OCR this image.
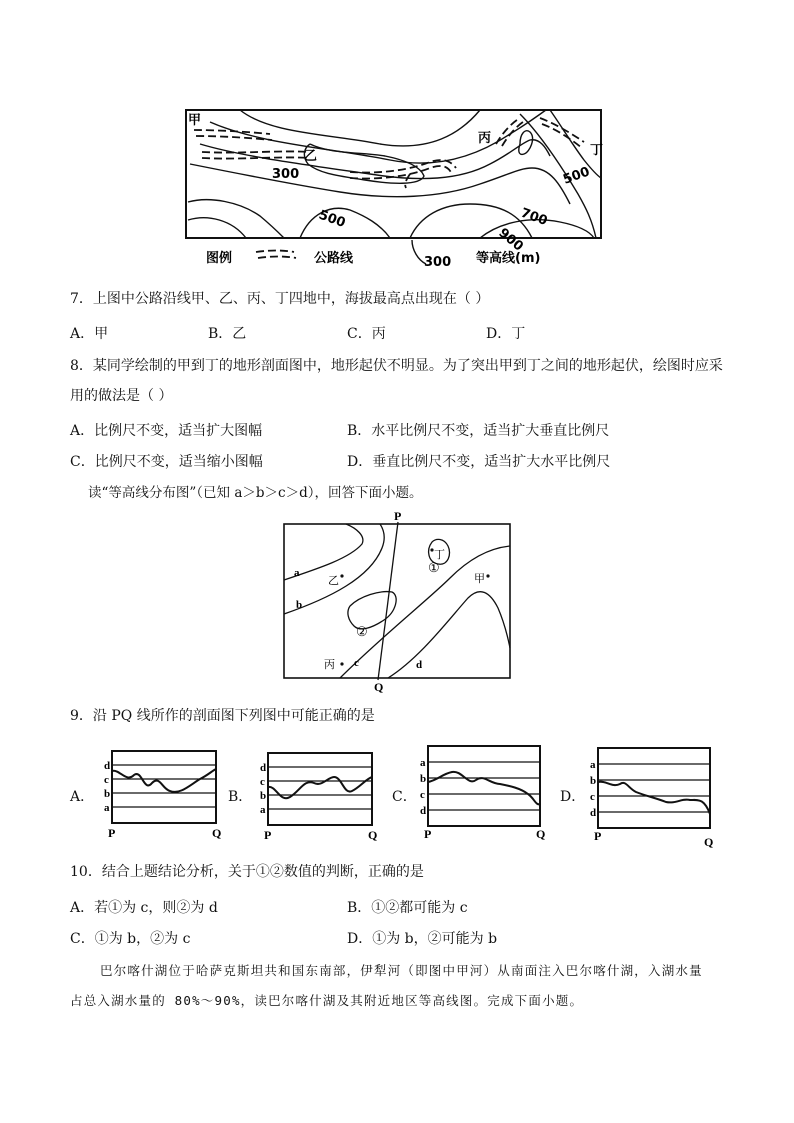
甲
乙
丙
丁
300
500
500
700
900
图例	公路线	300 等高线(m)
7．上图中公路沿线甲、乙、丙、丁四地中，海拔最高点出现在（ ）
A．甲	B．乙	C．丙	D．丁
8．某同学绘制的甲到丁的地形剖面图中，地形起伏不明显。为了突出甲到丁之间的地形起伏，绘图时应采
用的做法是（ ）
A．比例尺不变，适当扩大图幅	B．水平比例尺不变，适当扩大垂直比例尺
C．比例尺不变，适当缩小图幅	D．垂直比例尺不变，适当扩大水平比例尺
读“等高线分布图”（已知 a＞b＞c＞d），回答下面小题。
P
Q
a
b
c	d
乙	甲
丙
丁
①
②
9．沿 PQ 线所作的剖面图下列图中可能正确的是
A．	B．	C．	D．
d
c
b
a
P	Q
d
c
b
a
P	Q
a
b
c
d
P	Q
a
b
c
d
P	Q
10．结合上题结论分析，关于①②数值的判断，正确的是
A．若①为 c，则②为 d	B．①②都可能为 c
C．①为 b，②为 c	D．①为 b，②可能为 b
巴尔喀什湖位于哈萨克斯坦共和国东南部，伊犁河（即图中甲河）从南面注入巴尔喀什湖，入湖水量
占总入湖水量的 80%～90%，读巴尔喀什湖及其附近地区等高线图。完成下面小题。
